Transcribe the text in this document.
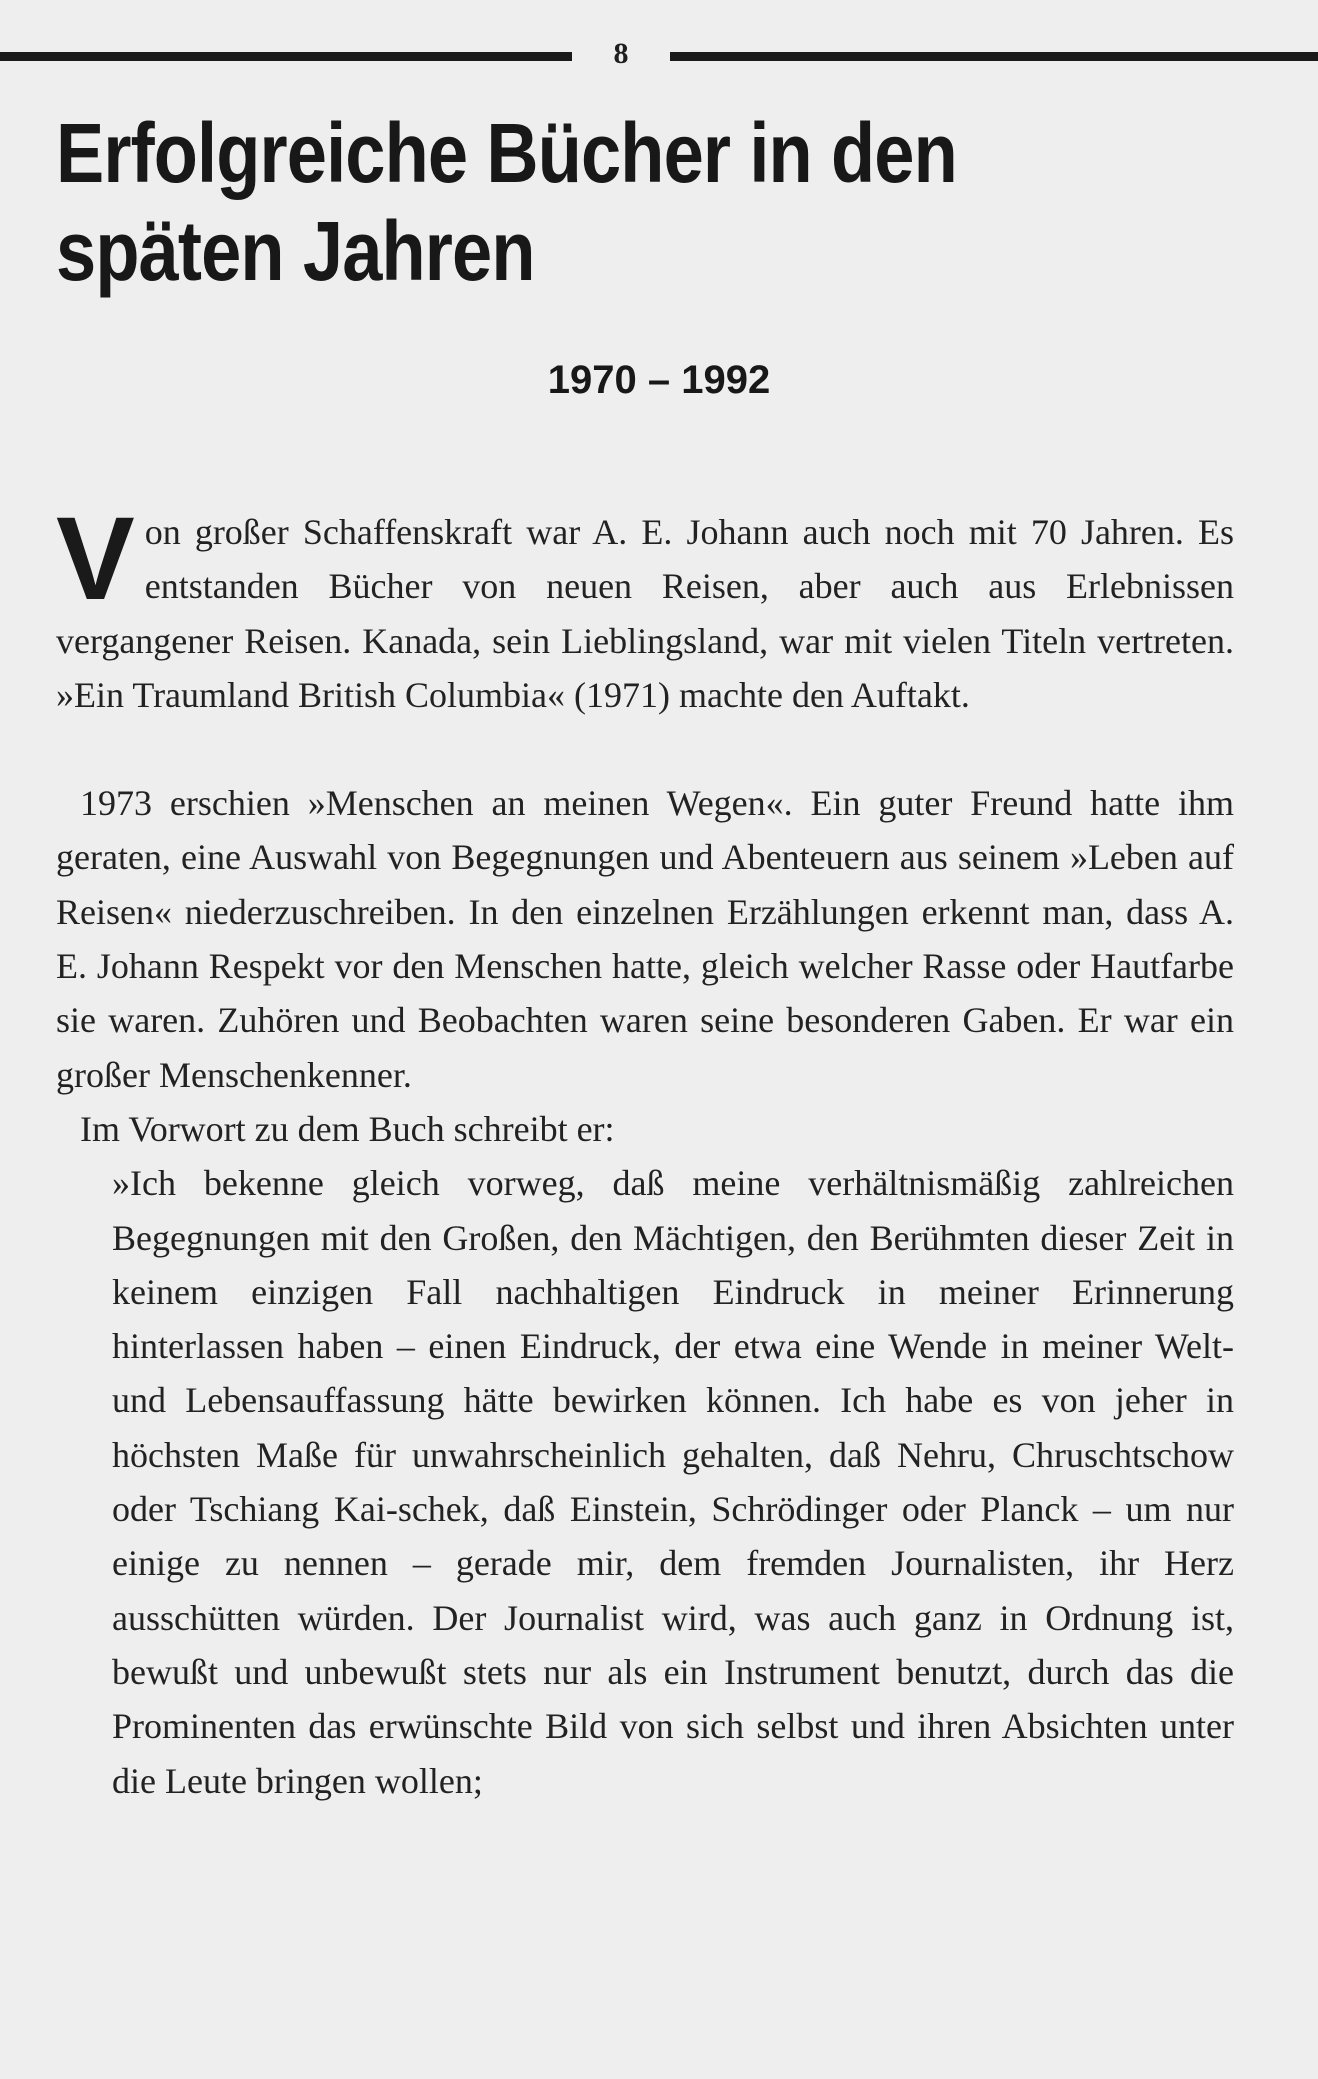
8
Erfolgreiche Bücher in den späten Jahren
1970 – 1992

Von großer Schaffenskraft war A. E. Johann auch noch mit 70 Jahren. Es entstanden Bücher von neuen Reisen, aber auch aus Erlebnissen vergangener Reisen. Kanada, sein Lieblingsland, war mit vielen Titeln vertreten. »Ein Traumland British Columbia« (1971) machte den Auftakt.

1973 erschien »Menschen an meinen Wegen«. Ein guter Freund hatte ihm geraten, eine Auswahl von Begegnungen und Abenteuern aus seinem »Leben auf Reisen« niederzuschreiben. In den einzelnen Erzählungen erkennt man, dass A. E. Johann Respekt vor den Menschen hatte, gleich welcher Rasse oder Hautfarbe sie waren. Zuhören und Beobachten waren seine besonderen Gaben. Er war ein großer Menschenkenner.

Im Vorwort zu dem Buch schreibt er:

»Ich bekenne gleich vorweg, daß meine verhältnismäßig zahlreichen Begegnungen mit den Großen, den Mächtigen, den Berühmten dieser Zeit in keinem einzigen Fall nachhaltigen Eindruck in meiner Erinnerung hinterlassen haben – einen Eindruck, der etwa eine Wende in meiner Welt- und Lebensauffassung hätte bewirken können. Ich habe es von jeher in höchsten Maße für unwahrscheinlich gehalten, daß Nehru, Chruschtschow oder Tschiang Kai-schek, daß Einstein, Schrödinger oder Planck – um nur einige zu nennen – gerade mir, dem fremden Journalisten, ihr Herz ausschütten würden. Der Journalist wird, was auch ganz in Ordnung ist, bewußt und unbewußt stets nur als ein Instrument benutzt, durch das die Prominenten das erwünschte Bild von sich selbst und ihren Absichten unter die Leute bringen wollen;
